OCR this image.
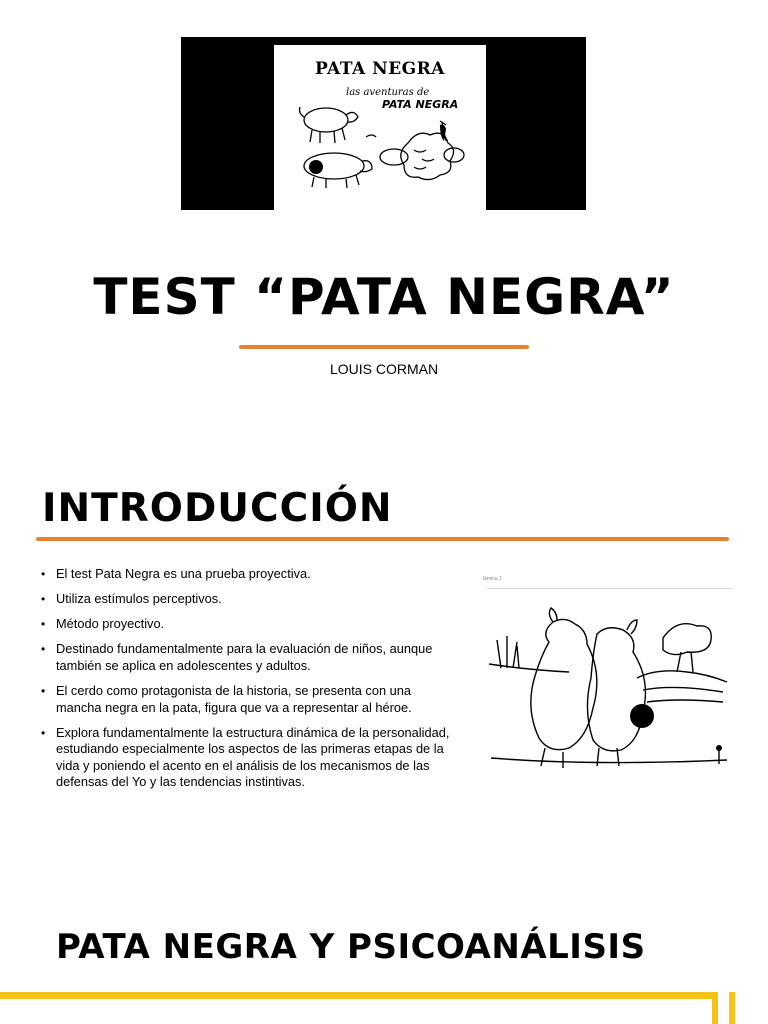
PATA NEGRA
las aventuras de
PATA NEGRA
TEST “PATA NEGRA”
LOUIS CORMAN
INTRODUCCIÓN
• El test Pata Negra es una prueba proyectiva.
• Utiliza estímulos perceptivos.
• Método proyectivo.
• Destinado fundamentalmente para la evaluación de niños, aunque también se aplica en adolescentes y adultos.
• El cerdo como protagonista de la historia, se presenta con una mancha negra en la pata, figura que va a representar al héroe.
• Explora fundamentalmente la estructura dinámica de la personalidad, estudiando especialmente los aspectos de las primeras etapas de la vida y poniendo el acento en el análisis de los mecanismos de las defensas del Yo y las tendencias instintivas.
lámina 1
PATA NEGRA Y PSICOANÁLISIS
